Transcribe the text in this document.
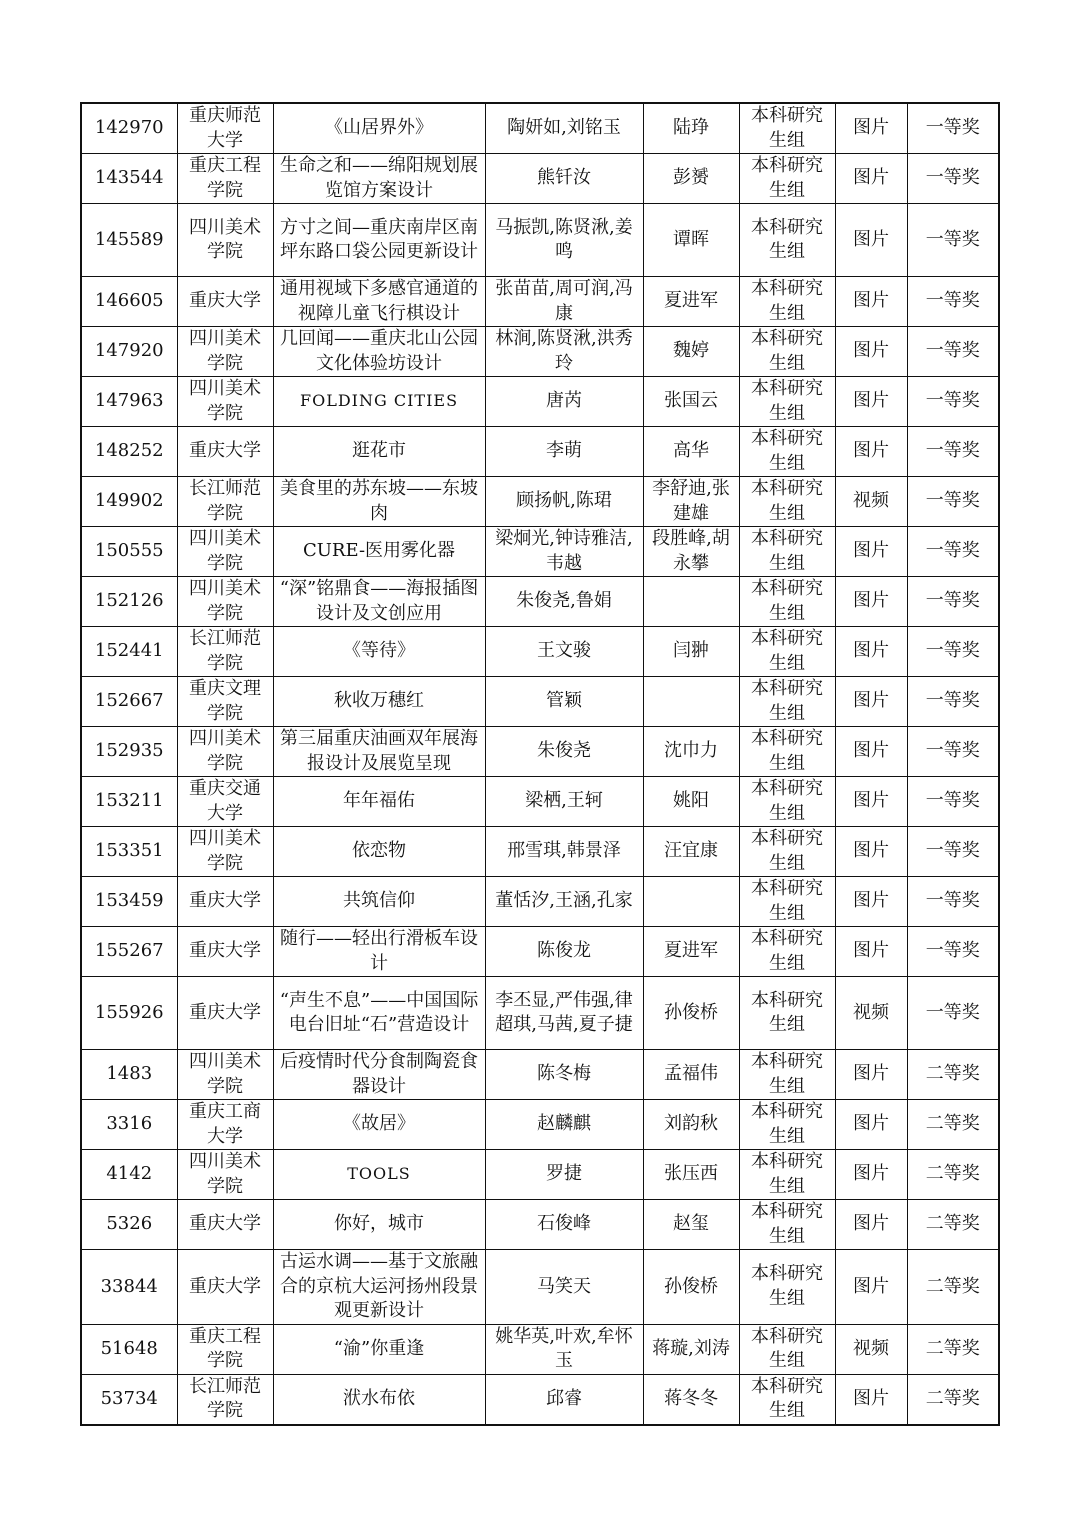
142970	重庆师范大学	《山居界外》	陶妍如,刘铭玉	陆琤	本科研究生组	图片	一等奖
143544	重庆工程学院	生命之和——绵阳规划展览馆方案设计	熊钎汝	彭赟	本科研究生组	图片	一等奖
145589	四川美术学院	方寸之间—重庆南岸区南坪东路口袋公园更新设计	马振凯,陈贤湫,姜鸣	谭晖	本科研究生组	图片	一等奖
146605	重庆大学	通用视域下多感官通道的视障儿童飞行棋设计	张苗苗,周可润,冯康	夏进军	本科研究生组	图片	一等奖
147920	四川美术学院	几回闻——重庆北山公园文化体验坊设计	林涧,陈贤湫,洪秀玲	魏婷	本科研究生组	图片	一等奖
147963	四川美术学院	FOLDING CITIES	唐芮	张国云	本科研究生组	图片	一等奖
148252	重庆大学	逛花市	李萌	高华	本科研究生组	图片	一等奖
149902	长江师范学院	美食里的苏东坡——东坡肉	顾扬帆,陈珺	李舒迪,张建雄	本科研究生组	视频	一等奖
150555	四川美术学院	CURE-医用雾化器	梁炯光,钟诗雅洁,韦越	段胜峰,胡永攀	本科研究生组	图片	一等奖
152126	四川美术学院	“深”铭鼎食——海报插图设计及文创应用	朱俊尧,鲁娟		本科研究生组	图片	一等奖
152441	长江师范学院	《等待》	王文骏	闫翀	本科研究生组	图片	一等奖
152667	重庆文理学院	秋收万穗红	管颖		本科研究生组	图片	一等奖
152935	四川美术学院	第三届重庆油画双年展海报设计及展览呈现	朱俊尧	沈巾力	本科研究生组	图片	一等奖
153211	重庆交通大学	年年福佑	梁栖,王轲	姚阳	本科研究生组	图片	一等奖
153351	四川美术学院	依恋物	邢雪琪,韩景泽	汪宜康	本科研究生组	图片	一等奖
153459	重庆大学	共筑信仰	董恬汐,王涵,孔家		本科研究生组	图片	一等奖
155267	重庆大学	随行——轻出行滑板车设计	陈俊龙	夏进军	本科研究生组	图片	一等奖
155926	重庆大学	“声生不息”——中国国际电台旧址“石”营造设计	李丕显,严伟强,律超琪,马茜,夏子捷	孙俊桥	本科研究生组	视频	一等奖
1483	四川美术学院	后疫情时代分食制陶瓷食器设计	陈冬梅	孟福伟	本科研究生组	图片	二等奖
3316	重庆工商大学	《故居》	赵麟麒	刘韵秋	本科研究生组	图片	二等奖
4142	四川美术学院	TOOLS	罗捷	张压西	本科研究生组	图片	二等奖
5326	重庆大学	你好，城市	石俊峰	赵玺	本科研究生组	图片	二等奖
33844	重庆大学	古运水调——基于文旅融合的京杭大运河扬州段景观更新设计	马笑天	孙俊桥	本科研究生组	图片	二等奖
51648	重庆工程学院	“渝”你重逢	姚华英,叶欢,牟怀玉	蒋璇,刘涛	本科研究生组	视频	二等奖
53734	长江师范学院	洑水布依	邱睿	蒋冬冬	本科研究生组	图片	二等奖
